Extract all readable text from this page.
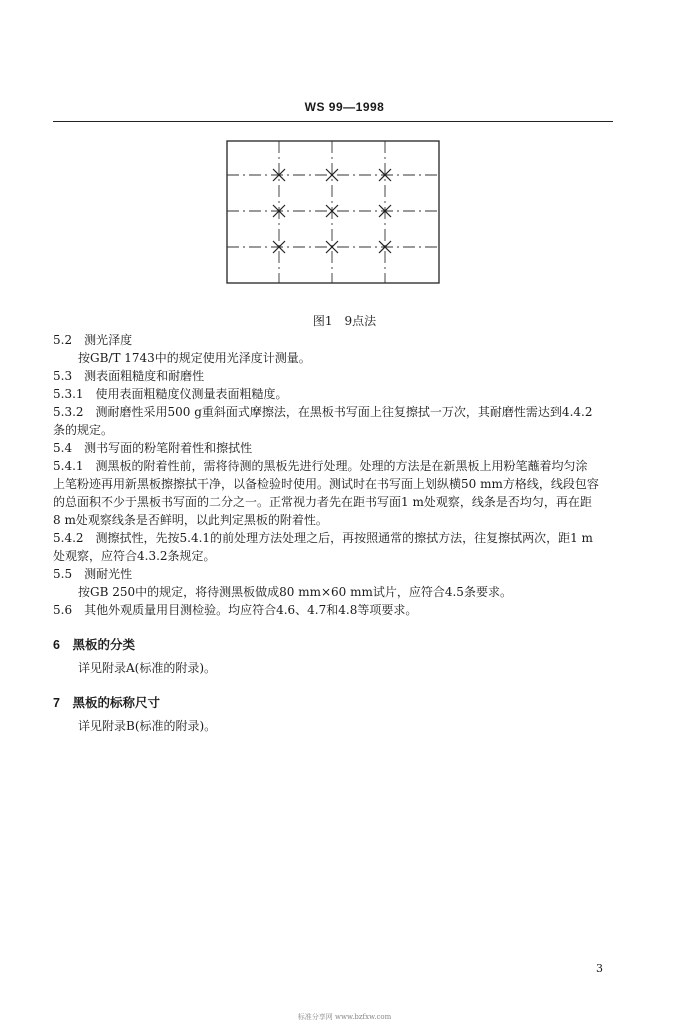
WS 99—1998
图1　9点法
5.2　测光泽度
按GB/T 1743中的规定使用光泽度计测量。
5.3　测表面粗糙度和耐磨性
5.3.1　使用表面粗糙度仪测量表面粗糙度。
5.3.2　测耐磨性采用500 g重斜面式摩擦法，在黑板书写面上往复擦拭一万次，其耐磨性需达到4.4.2
条的规定。
5.4　测书写面的粉笔附着性和擦拭性
5.4.1　测黑板的附着性前，需将待测的黑板先进行处理。处理的方法是在新黑板上用粉笔蘸着均匀涂
上笔粉迹再用新黑板擦擦拭干净，以备检验时使用。测试时在书写面上划纵横50 mm方格线，线段包容
的总面积不少于黑板书写面的二分之一。正常视力者先在距书写面1 m处观察，线条是否均匀，再在距
8 m处观察线条是否鲜明，以此判定黑板的附着性。
5.4.2　测擦拭性，先按5.4.1的前处理方法处理之后，再按照通常的擦拭方法，往复擦拭两次，距1 m
处观察，应符合4.3.2条规定。
5.5　测耐光性
按GB 250中的规定，将待测黑板做成80 mm×60 mm试片，应符合4.5条要求。
5.6　其他外观质量用目测检验。均应符合4.6、4.7和4.8等项要求。
6　黑板的分类
详见附录A(标准的附录)。
7　黑板的标称尺寸
详见附录B(标准的附录)。
3
标准分享网 www.bzfxw.com
